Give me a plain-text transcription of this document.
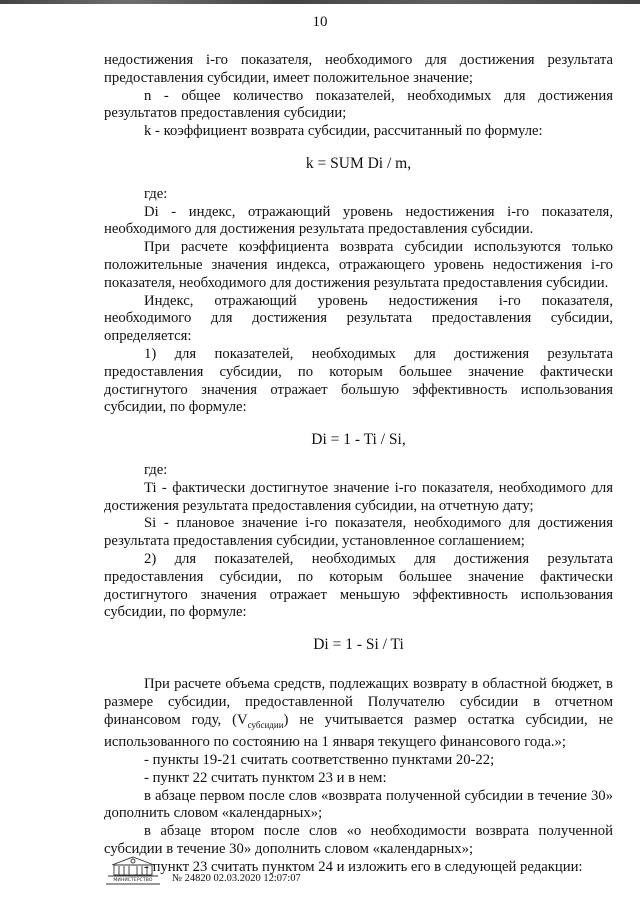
10

недостижения i-го показателя, необходимого для достижения результата предоставления субсидии, имеет положительное значение;

n - общее количество показателей, необходимых для достижения результатов предоставления субсидии;

k - коэффициент возврата субсидии, рассчитанный по формуле:

k = SUM Di / m,

где:

Di - индекс, отражающий уровень недостижения i-го показателя, необходимого для достижения результата предоставления субсидии.

При расчете коэффициента возврата субсидии используются только положительные значения индекса, отражающего уровень недостижения i-го показателя, необходимого для достижения результата предоставления субсидии.

Индекс, отражающий уровень недостижения i-го показателя, необходимого для достижения результата предоставления субсидии, определяется:

1) для показателей, необходимых для достижения результата предоставления субсидии, по которым большее значение фактически достигнутого значения отражает большую эффективность использования субсидии, по формуле:

Di = 1 - Ti / Si,

где:

Ti - фактически достигнутое значение i-го показателя, необходимого для достижения результата предоставления субсидии, на отчетную дату;

Si - плановое значение i-го показателя, необходимого для достижения результата предоставления субсидии, установленное соглашением;

2) для показателей, необходимых для достижения результата предоставления субсидии, по которым большее значение фактически достигнутого значения отражает меньшую эффективность использования субсидии, по формуле:

Di = 1 - Si / Ti

При расчете объема средств, подлежащих возврату в областной бюджет, в размере субсидии, предоставленной Получателю субсидии в отчетном финансовом году, $(V_{субсидии})$ не учитывается размер остатка субсидии, не использованного по состоянию на 1 января текущего финансового года.»;

- пункты 19-21 считать соответственно пунктами 20-22;

- пункт 22 считать пунктом 23 и в нем:

в абзаце первом после слов «возврата полученной субсидии в течение 30» дополнить словом «календарных»;

в абзаце втором после слов «о необходимости возврата полученной субсидии в течение 30» дополнить словом «календарных»;

- пункт 23 считать пунктом 24 и изложить его в следующей редакции:

МИНИСТЕРСТВО	№ 24820 02.03.2020 12:07:07
